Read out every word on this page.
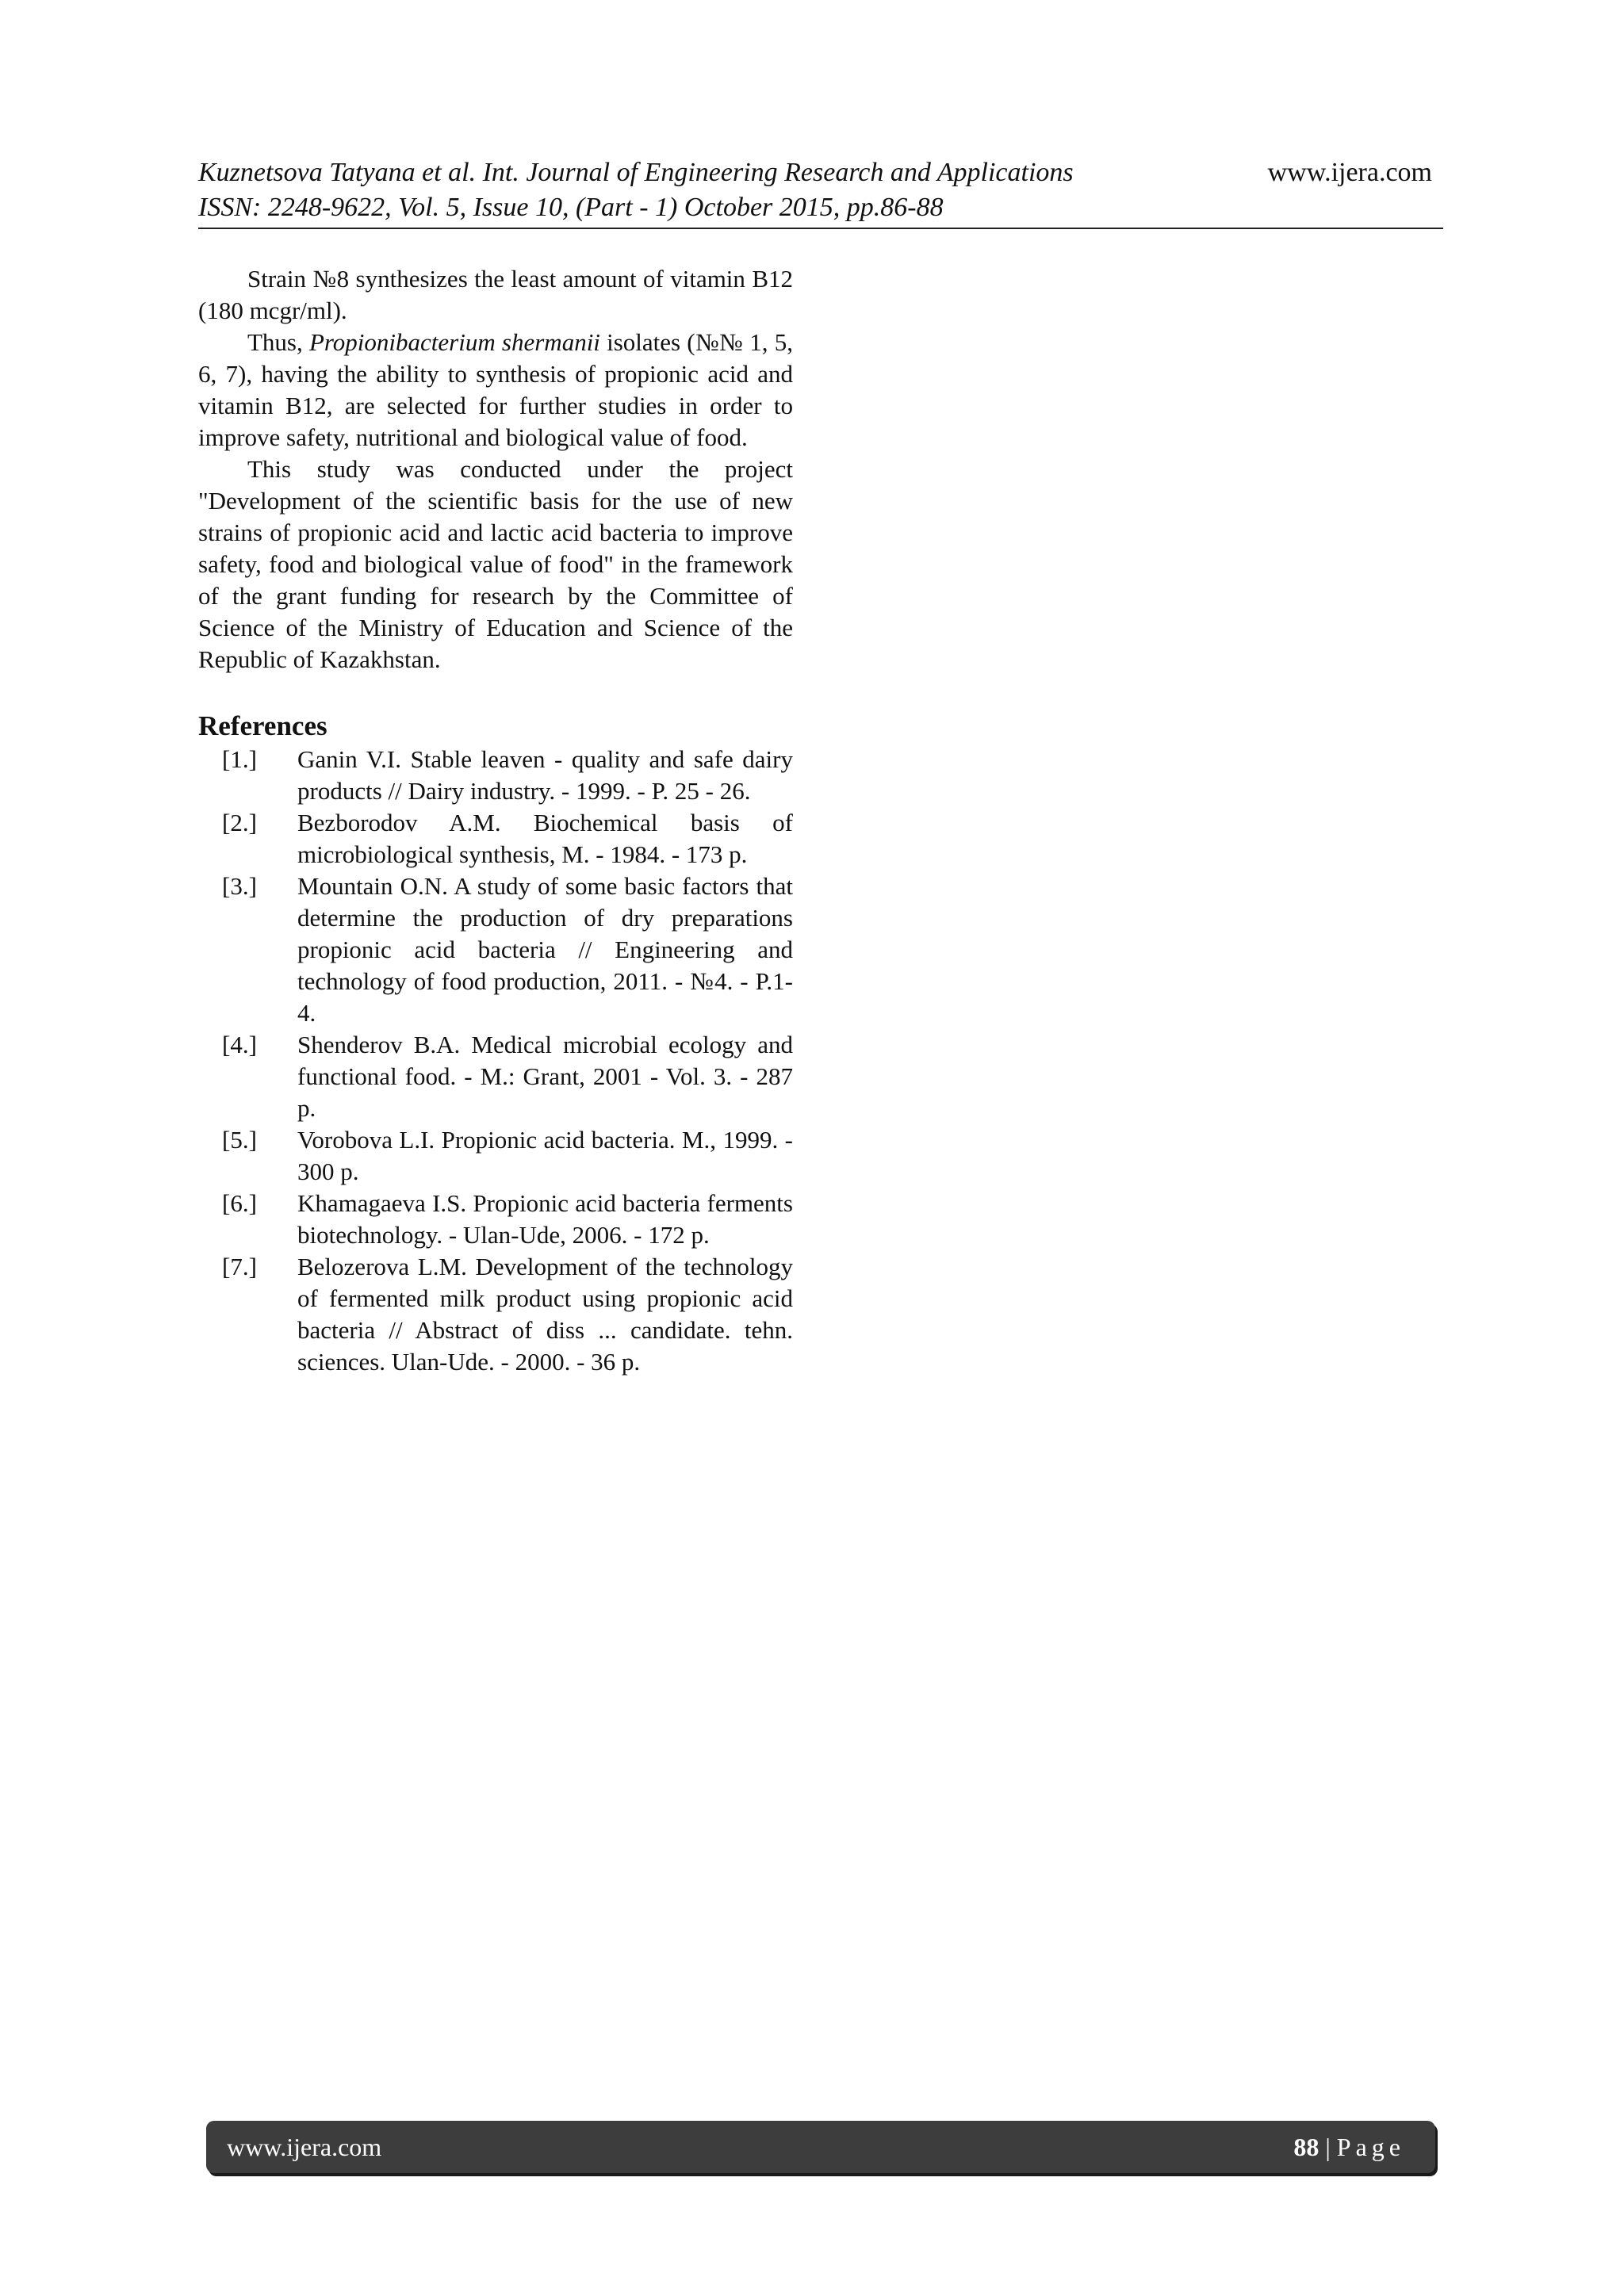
Kuznetsova Tatyana et al. Int. Journal of Engineering Research and Applications	www.ijera.com
ISSN: 2248-9622, Vol. 5, Issue 10, (Part - 1) October 2015, pp.86-88

Strain №8 synthesizes the least amount of vitamin B12 (180 mcgr/ml).

Thus, Propionibacterium shermanii isolates (№№ 1, 5, 6, 7), having the ability to synthesis of propionic acid and vitamin B12, are selected for further studies in order to improve safety, nutritional and biological value of food.

This study was conducted under the project "Development of the scientific basis for the use of new strains of propionic acid and lactic acid bacteria to improve safety, food and biological value of food" in the framework of the grant funding for research by the Committee of Science of the Ministry of Education and Science of the Republic of Kazakhstan.

References
[1.]	Ganin V.I. Stable leaven - quality and safe dairy products // Dairy industry. - 1999. - P. 25 - 26.
[2.]	Bezborodov A.M. Biochemical basis of microbiological synthesis, M. - 1984. - 173 p.
[3.]	Mountain O.N. A study of some basic factors that determine the production of dry preparations propionic acid bacteria // Engineering and technology of food production, 2011. - №4. - P.1-4.
[4.]	Shenderov B.A. Medical microbial ecology and functional food. - M.: Grant, 2001 - Vol. 3. - 287 p.
[5.]	Vorobova L.I. Propionic acid bacteria. M., 1999. - 300 p.
[6.]	Khamagaeva I.S. Propionic acid bacteria ferments biotechnology. - Ulan-Ude, 2006. - 172 p.
[7.]	Belozerova L.M. Development of the technology of fermented milk product using propionic acid bacteria // Abstract of diss ... candidate. tehn. sciences. Ulan-Ude. - 2000. - 36 p.
www.ijera.com	88 | Page
